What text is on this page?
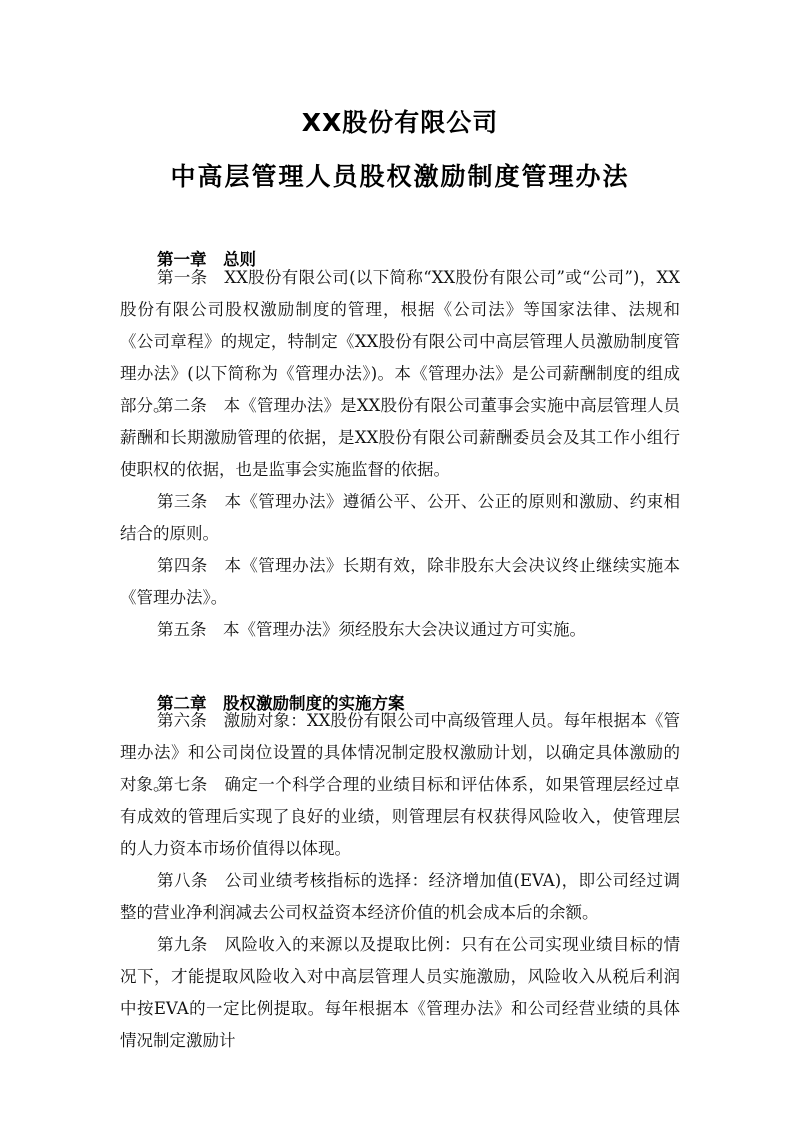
XX股份有限公司
中高层管理人员股权激励制度管理办法
第一章　总则

第一条　XX股份有限公司(以下简称“XX股份有限公司”或“公司”)，XX股份有限公司股权激励制度的管理，根据《公司法》等国家法律、法规和《公司章程》的规定，特制定《XX股份有限公司中高层管理人员激励制度管理办法》(以下简称为《管理办法》)。本《管理办法》是公司薪酬制度的组成部分。

第二条　本《管理办法》是XX股份有限公司董事会实施中高层管理人员薪酬和长期激励管理的依据，是XX股份有限公司薪酬委员会及其工作小组行使职权的依据，也是监事会实施监督的依据。

第三条　本《管理办法》遵循公平、公开、公正的原则和激励、约束相结合的原则。

第四条　本《管理办法》长期有效，除非股东大会决议终止继续实施本《管理办法》。

第五条　本《管理办法》须经股东大会决议通过方可实施。

第二章　股权激励制度的实施方案

第六条　激励对象：XX股份有限公司中高级管理人员。每年根据本《管理办法》和公司岗位设置的具体情况制定股权激励计划，以确定具体激励的对象。

第七条　确定一个科学合理的业绩目标和评估体系，如果管理层经过卓有成效的管理后实现了良好的业绩，则管理层有权获得风险收入，使管理层的人力资本市场价值得以体现。

第八条　公司业绩考核指标的选择：经济增加值(EVA)，即公司经过调整的营业净利润减去公司权益资本经济价值的机会成本后的余额。

第九条　风险收入的来源以及提取比例：只有在公司实现业绩目标的情况下，才能提取风险收入对中高层管理人员实施激励，风险收入从税后利润中按EVA的一定比例提取。每年根据本《管理办法》和公司经营业绩的具体情况制定激励计
